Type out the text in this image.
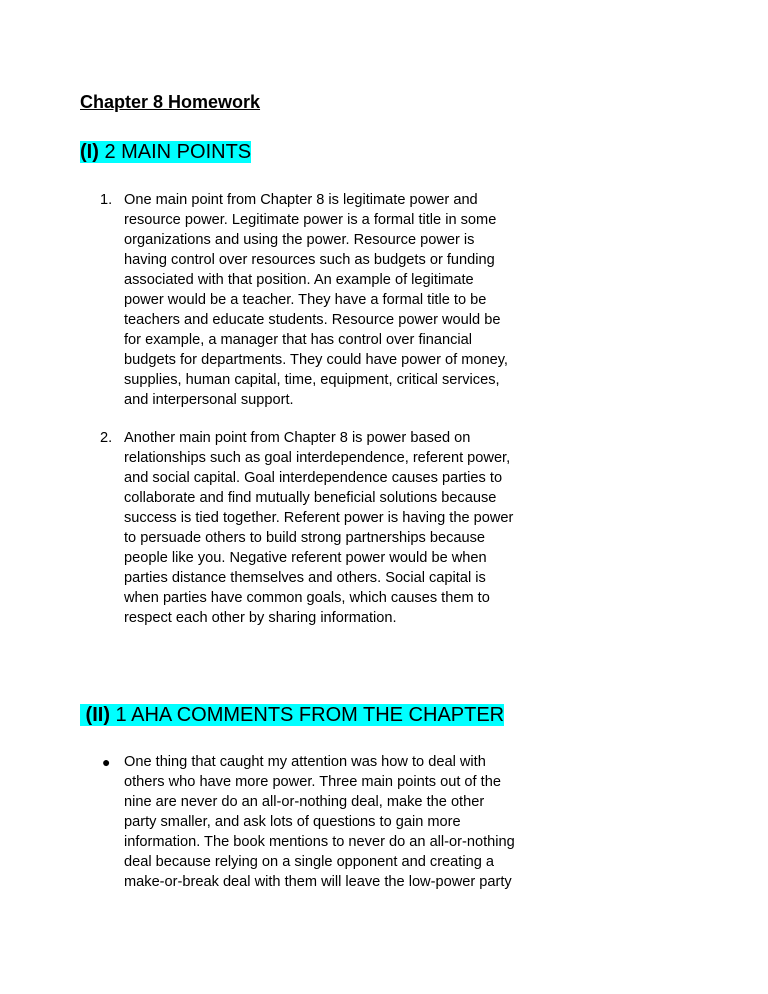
Chapter 8 Homework
(I) 2 MAIN POINTS
1. One main point from Chapter 8 is legitimate power and

resource power. Legitimate power is a formal title in some

organizations and using the power. Resource power is

having control over resources such as budgets or funding

associated with that position. An example of legitimate

power would be a teacher. They have a formal title to be

teachers and educate students. Resource power would be

for example, a manager that has control over financial

budgets for departments. They could have power of money,

supplies, human capital, time, equipment, critical services,

and interpersonal support.

2. Another main point from Chapter 8 is power based on

relationships such as goal interdependence, referent power,

and social capital. Goal interdependence causes parties to

collaborate and find mutually beneficial solutions because

success is tied together. Referent power is having the power

to persuade others to build strong partnerships because

people like you. Negative referent power would be when

parties distance themselves and others. Social capital is

when parties have common goals, which causes them to

respect each other by sharing information.

(II) 1 AHA COMMENTS FROM THE CHAPTER
● One thing that caught my attention was how to deal with

others who have more power. Three main points out of the

nine are never do an all-or-nothing deal, make the other

party smaller, and ask lots of questions to gain more

information. The book mentions to never do an all-or-nothing

deal because relying on a single opponent and creating a

make-or-break deal with them will leave the low-power party
